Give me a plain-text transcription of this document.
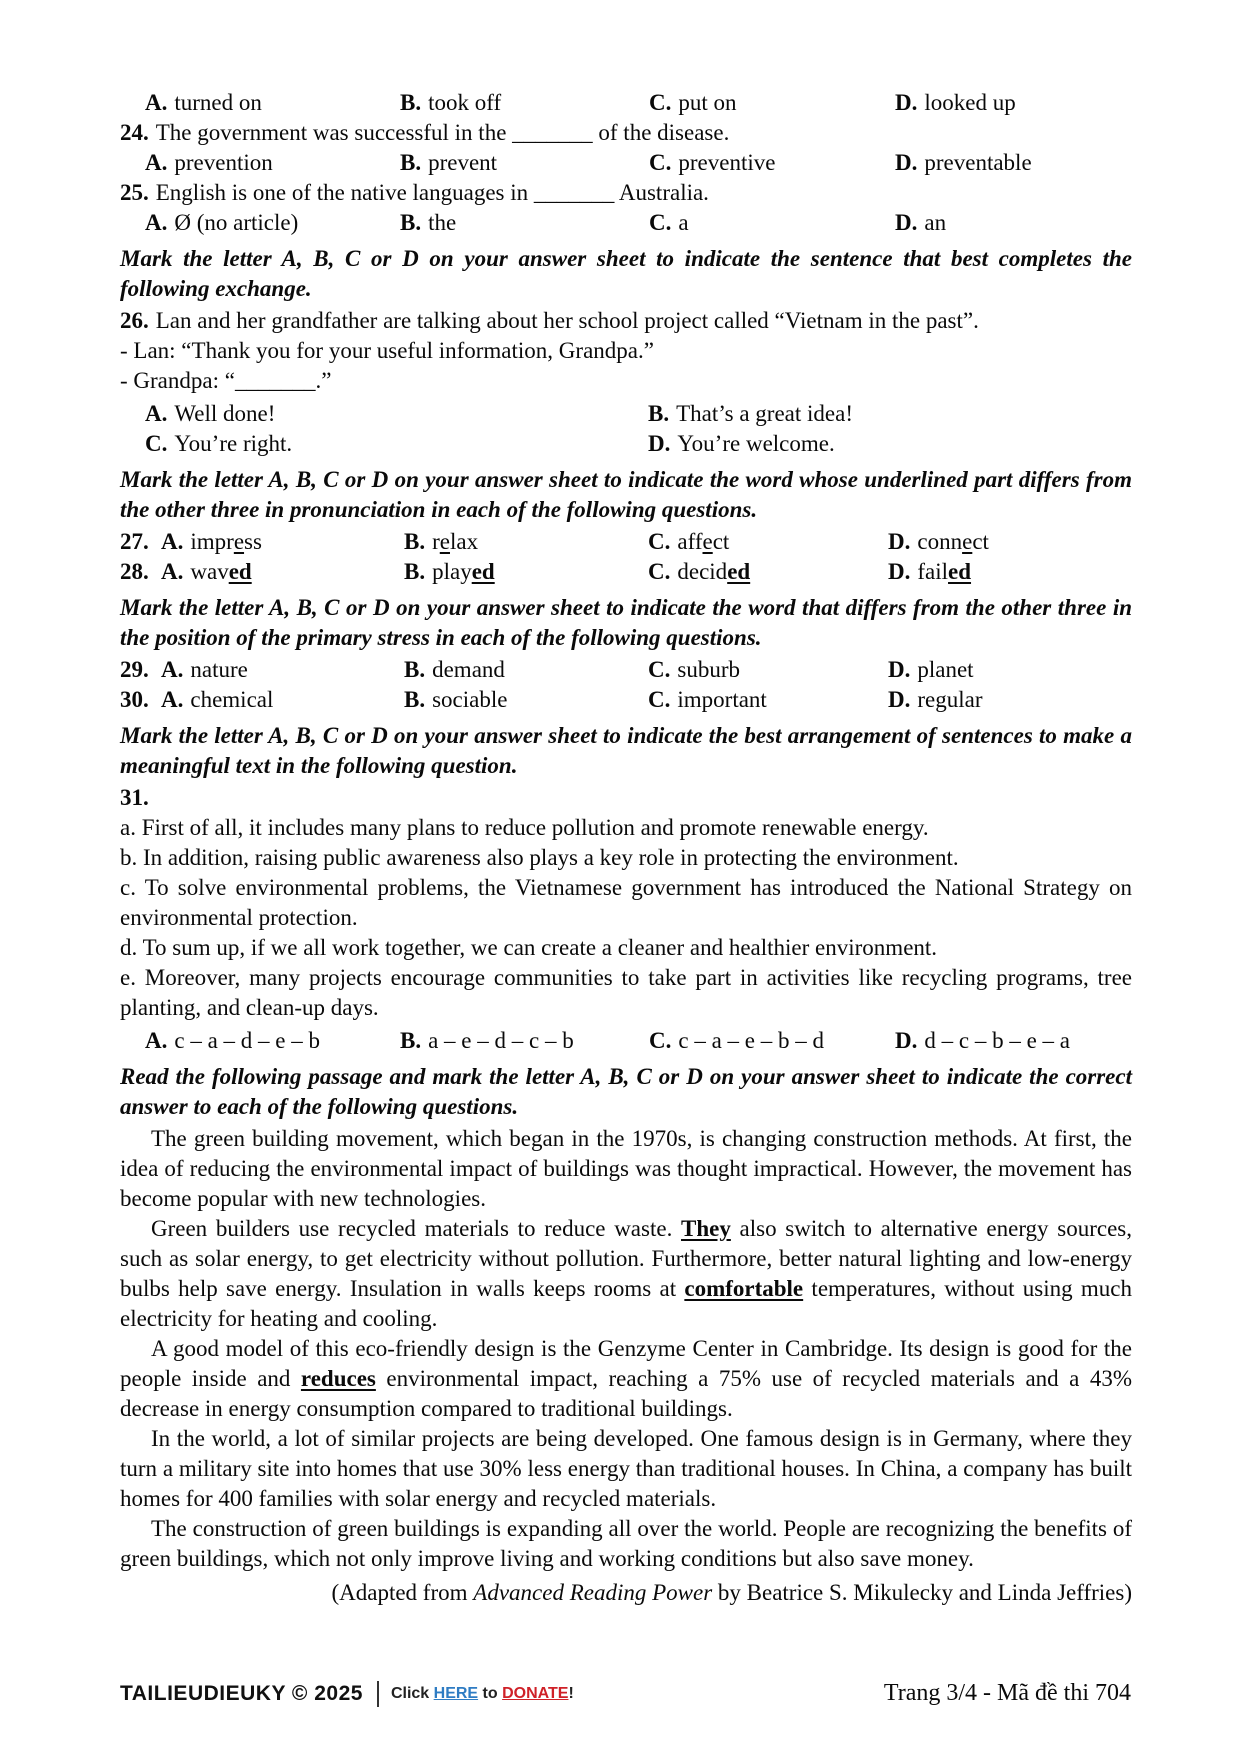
A. turned on	B. took off	C. put on	D. looked up

24. The government was successful in the _______ of the disease.

A. prevention	B. prevent	C. preventive	D. preventable

25. English is one of the native languages in _______ Australia.

A. Ø (no article)	B. the	C. a	D. an

Mark the letter A, B, C or D on your answer sheet to indicate the sentence that best completes the following exchange.

26. Lan and her grandfather are talking about her school project called “Vietnam in the past”.

- Lan: “Thank you for your useful information, Grandpa.”

- Grandpa: “_______.”

A. Well done!	B. That’s a great idea!
C. You’re right.	D. You’re welcome.

Mark the letter A, B, C or D on your answer sheet to indicate the word whose underlined part differs from the other three in pronunciation in each of the following questions.

27. A. impress	B. relax	C. affect	D. connect
28. A. waved	B. played	C. decided	D. failed

Mark the letter A, B, C or D on your answer sheet to indicate the word that differs from the other three in the position of the primary stress in each of the following questions.

29. A. nature	B. demand	C. suburb	D. planet
30. A. chemical	B. sociable	C. important	D. regular

Mark the letter A, B, C or D on your answer sheet to indicate the best arrangement of sentences to make a meaningful text in the following question.

31.

a. First of all, it includes many plans to reduce pollution and promote renewable energy.

b. In addition, raising public awareness also plays a key role in protecting the environment.

c. To solve environmental problems, the Vietnamese government has introduced the National Strategy on environmental protection.

d. To sum up, if we all work together, we can create a cleaner and healthier environment.

e. Moreover, many projects encourage communities to take part in activities like recycling programs, tree planting, and clean-up days.

A. c – a – d – e – b	B. a – e – d – c – b	C. c – a – e – b – d	D. d – c – b – e – a

Read the following passage and mark the letter A, B, C or D on your answer sheet to indicate the correct answer to each of the following questions.

The green building movement, which began in the 1970s, is changing construction methods. At first, the idea of reducing the environmental impact of buildings was thought impractical. However, the movement has become popular with new technologies.

Green builders use recycled materials to reduce waste. They also switch to alternative energy sources, such as solar energy, to get electricity without pollution. Furthermore, better natural lighting and low-energy bulbs help save energy. Insulation in walls keeps rooms at comfortable temperatures, without using much electricity for heating and cooling.

A good model of this eco-friendly design is the Genzyme Center in Cambridge. Its design is good for the people inside and reduces environmental impact, reaching a 75% use of recycled materials and a 43% decrease in energy consumption compared to traditional buildings.

In the world, a lot of similar projects are being developed. One famous design is in Germany, where they turn a military site into homes that use 30% less energy than traditional houses. In China, a company has built homes for 400 families with solar energy and recycled materials.

The construction of green buildings is expanding all over the world. People are recognizing the benefits of green buildings, which not only improve living and working conditions but also save money.

(Adapted from Advanced Reading Power by Beatrice S. Mikulecky and Linda Jeffries)

TAILIEUDIEUKY © 2025 Click HERE to DONATE!	Trang 3/4 - Mã đề thi 704
